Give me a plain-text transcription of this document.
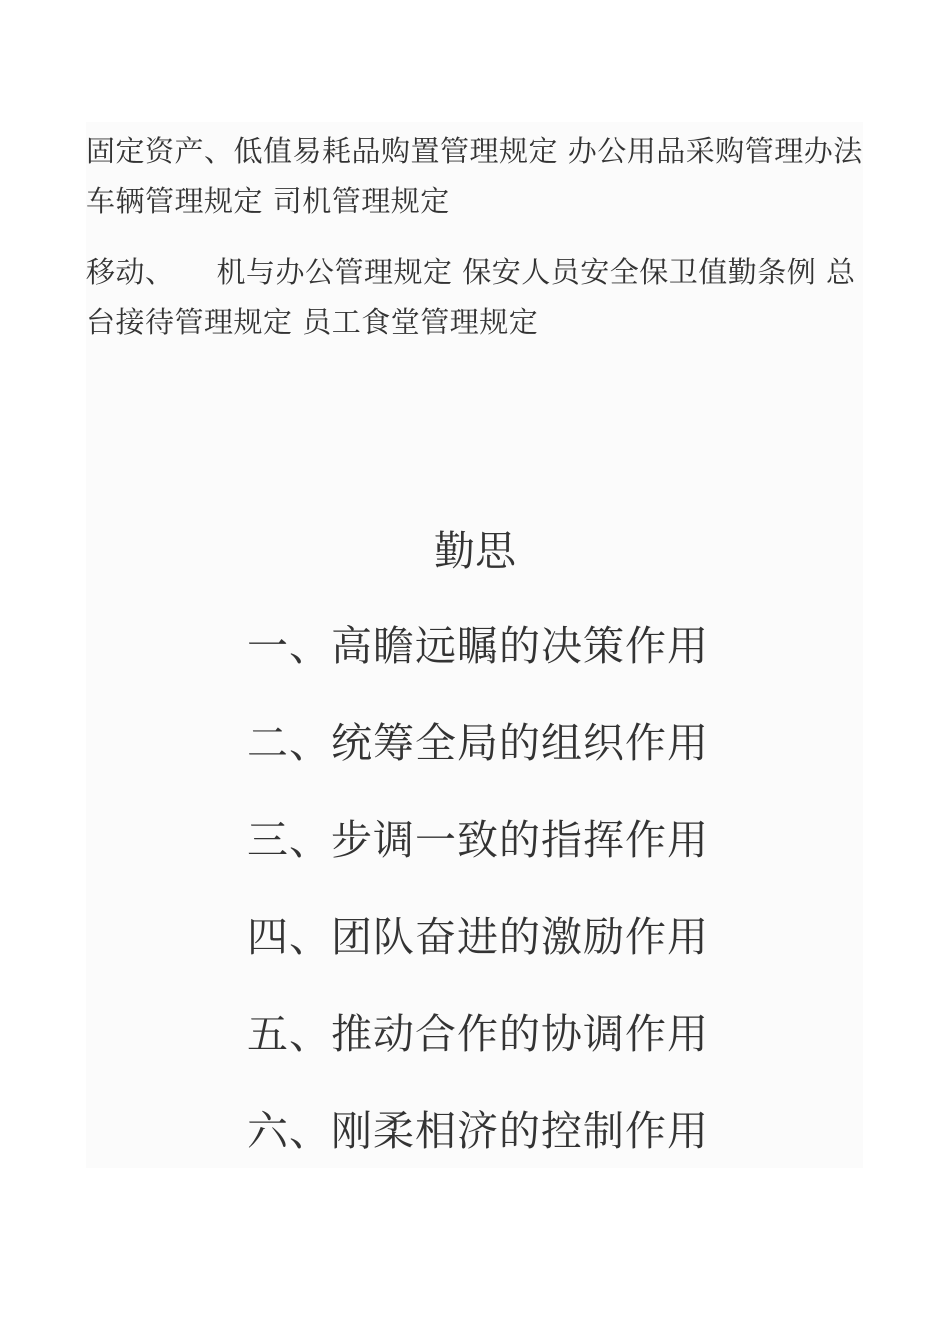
固定资产、低值易耗品购置管理规定 办公用品采购管理办法 车辆管理规定 司机管理规定

移动、 机与办公管理规定 保安人员安全保卫值勤条例 总台接待管理规定 员工食堂管理规定

勤思
一、高瞻远瞩的决策作用
二、统筹全局的组织作用
三、步调一致的指挥作用
四、团队奋进的激励作用
五、推动合作的协调作用
六、刚柔相济的控制作用
